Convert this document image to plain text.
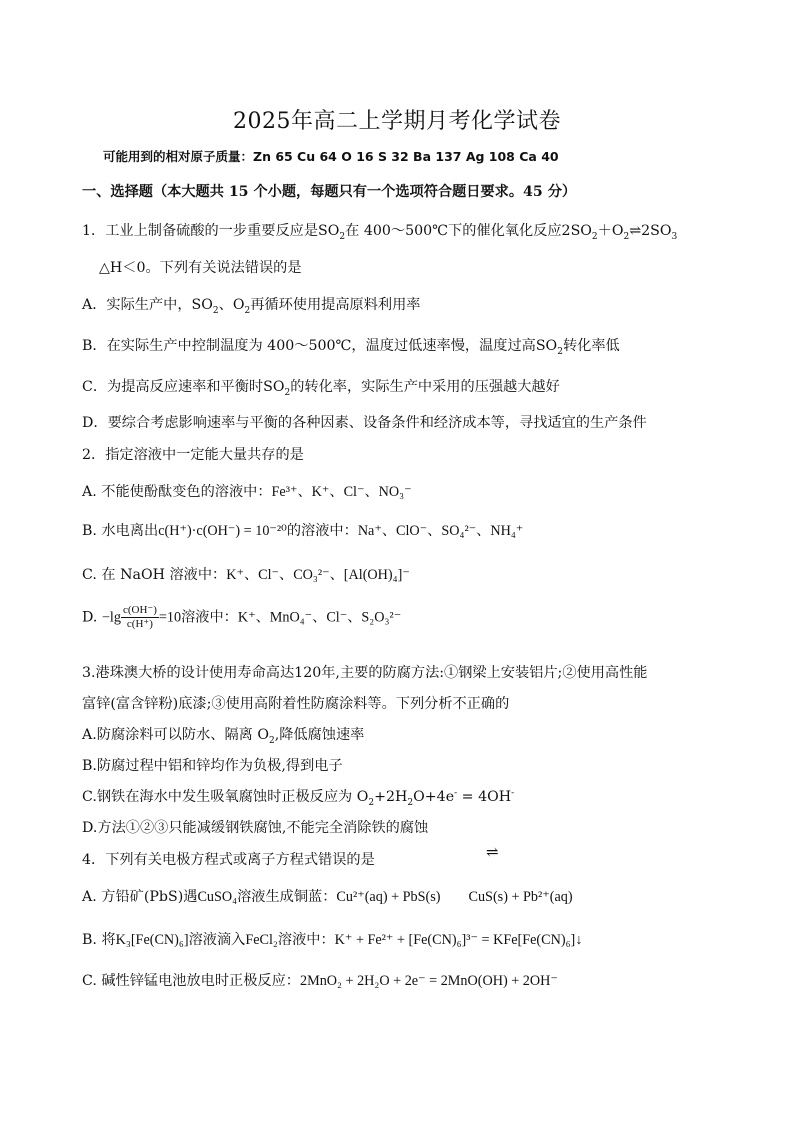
2025年高二上学期月考化学试卷
可能用到的相对原子质量：Zn 65 Cu 64 O 16 S 32 Ba 137 Ag 108 Ca 40
一、选择题（本大题共 15 个小题，每题只有一个选项符合题日要求。45 分）
1．工业上制备硫酸的一步重要反应是$SO_2$在 400～500℃下的催化氧化反应$2SO_2+O_2\rightleftharpoons 2SO_3$
△H＜0。下列有关说法错误的是
A．实际生产中，$SO_2$、$O_2$再循环使用提高原料利用率
B．在实际生产中控制温度为 400～500℃，温度过低速率慢，温度过高$SO_2$转化率低
C．为提高反应速率和平衡时$SO_2$的转化率，实际生产中采用的压强越大越好
D．要综合考虑影响速率与平衡的各种因素、设备条件和经济成本等，寻找适宜的生产条件
2．指定溶液中一定能大量共存的是
A. 不能使酚酞变色的溶液中：Fe³⁺、K⁺、Cl⁻、NO₃⁻
B. 水电离出c(H⁺)·c(OH⁻) = 10⁻²⁰的溶液中：Na⁺、ClO⁻、SO₄²⁻、NH₄⁺
C. 在 NaOH 溶液中：K⁺、Cl⁻、CO₃²⁻、[Al(OH)₄]⁻
D. $-\lg \frac{c(OH^-)}{c(H^+)} =10$溶液中：K⁺、MnO₄⁻、Cl⁻、S₂O₃²⁻
3.港珠澳大桥的设计使用寿命高达120年,主要的防腐方法:①钢梁上安装铝片;②使用高性能
富锌(富含锌粉)底漆;③使用高附着性防腐涂料等。下列分析不正确的
A.防腐涂料可以防水、隔离 $O_2$,降低腐蚀速率
B.防腐过程中铝和锌均作为负极,得到电子
C.钢铁在海水中发生吸氧腐蚀时正极反应为 $O_2+2H_2O+4e^- = 4OH^-$
D.方法①②③只能减缓钢铁腐蚀,不能完全消除铁的腐蚀
4．下列有关电极方程式或离子方程式错误的是	⇌
A. 方铅矿(PbS)遇CuSO₄溶液生成铜蓝：Cu²⁺(aq) + PbS(s) CuS(s) + Pb²⁺(aq)
B. 将K₃[Fe(CN)₆]溶液滴入FeCl₂溶液中：K⁺ + Fe²⁺ + [Fe(CN)₆]³⁻ = KFe[Fe(CN)₆]↓
C. 碱性锌锰电池放电时正极反应：2MnO₂ + 2H₂O + 2e⁻ = 2MnO(OH) + 2OH⁻
